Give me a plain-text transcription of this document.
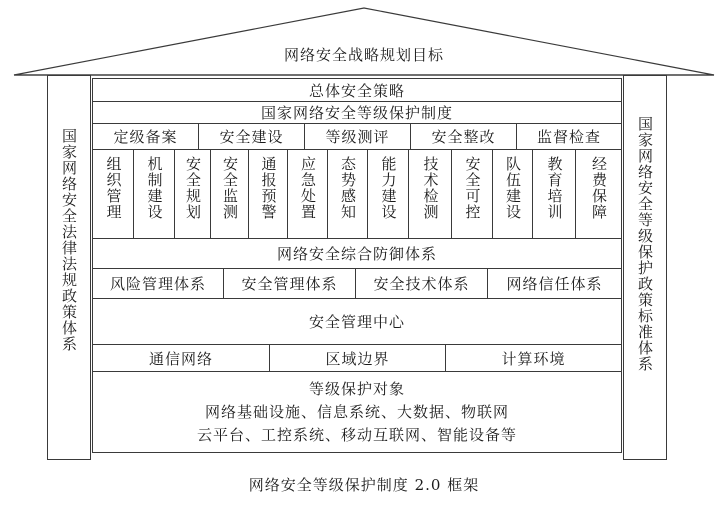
网络安全战略规划目标
国家网络安全法律法规政策体系	国家网络安全等级保护政策标准体系
总体安全策略
国家网络安全等级保护制度
定级备案	安全建设	等级测评	安全整改	监督检查
组织管理 机制建设 安全规划 安全监测 通报预警 应急处置 态势感知 能力建设 技术检测 安全可控 队伍建设 教育培训 经费保障
网络安全综合防御体系
风险管理体系	安全管理体系	安全技术体系	网络信任体系
安全管理中心
通信网络	区域边界	计算环境
等级保护对象
网络基础设施、信息系统、大数据、物联网
云平台、工控系统、移动互联网、智能设备等
网络安全等级保护制度 2.0 框架
